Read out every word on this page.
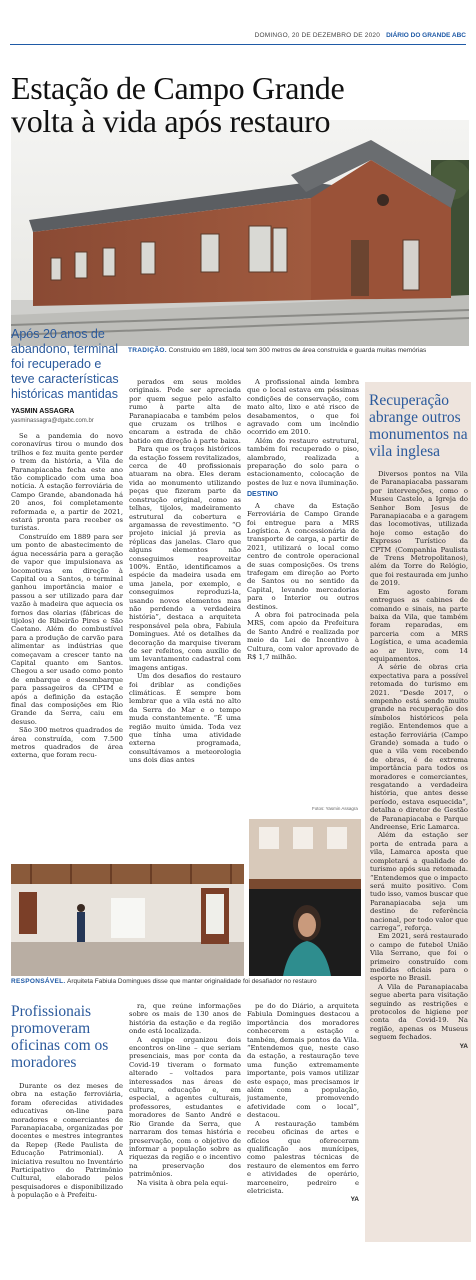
DOMINGO, 20 DE DEZEMBRO DE 2020 DIÁRIO DO GRANDE ABC
Estação de Campo Grande volta à vida após restauro
Após 20 anos de abandono, terminal foi recuperado e teve características históricas mantidas
TRADIÇÃO. Construído em 1889, local tem 300 metros de área construída e guarda muitas memórias
YASMIN ASSAGRA
yasminassagra@dgabc.com.br

Se a pandemia do novo coronavírus tirou o mundo dos trilhos e fez muita gente perder o trem da história, a Vila de Paranapiacaba fecha este ano tão complicado com uma boa notícia. A estação ferroviária de Campo Grande, abandonada há 20 anos, foi completamente reformada e, a partir de 2021, estará pronta para receber os turistas.

Construído em 1889 para ser um ponto de abastecimento de água necessária para a geração de vapor que impulsionava as locomotivas em direção à Capital ou a Santos, o terminal ganhou importância maior e passou a ser utilizado para dar vazão à madeira que aquecia os fornos das olarias (fábricas de tijolos) de Ribeirão Pires e São Caetano. Além do combustível para a produção de carvão para alimentar as indústrias que começavam a crescer tanto na Capital quanto em Santos. Chegou a ser usado como ponto de embarque e desembarque para passageiros da CPTM e após a definição da estação final das composições em Rio Grande da Serra, caiu em desuso.

São 300 metros quadrados de área construída, com 7.500 metros quadrados de área externa, que foram recu-

perados em seus moldes originais. Pode ser apreciada por quem segue pelo asfalto rumo à parte alta de Paranapiacaba e também pelos que cruzam os trilhos e encaram a estrada de chão batido em direção à parte baixa.

Para que os traços históricos da estação fossem revitalizados, cerca de 40 profissionais atuaram na obra. Eles deram vida ao monumento utilizando peças que fizeram parte da construção original, como as telhas, tijolos, madeiramento estrutural da cobertura e argamassa de revestimento. “O projeto inicial já previa as réplicas das janelas. Claro que alguns elementos não conseguimos reaproveitar 100%. Então, identificamos a espécie da madeira usada em uma janela, por exemplo, e conseguimos reproduzi-la, usando novos elementos mas não perdendo a verdadeira história”, destaca a arquiteta responsável pela obra, Fabiula Domingues. Até os detalhes da decoração da marquise tiveram de ser refeitos, com auxílio de um levantamento cadastral com imagens antigas.

Um dos desafios do restauro foi driblar as condições climáticas. É sempre bom lembrar que a vila está no alto da Serra do Mar e o tempo muda constantemente. “É uma região muito úmida. Toda vez que tínha uma atividade externa programada, consultávamos a meteorologia uns dois dias antes

A profissional ainda lembra que o local estava em péssimas condições de conservação, com mato alto, lixo e até risco de desabamentos, o que foi agravado com um incêndio ocorrido em 2010.

Além do restauro estrutural, também foi recuperado o piso, alambrado, realizada a preparação do solo para o estacionamento, colocação de postes de luz e nova iluminação.

DESTINO

A chave da Estação Ferroviária de Campo Grande foi entregue para a MRS Logística. A concessionária de transporte de carga, a partir de 2021, utilizará o local como centro de controle operacional de suas composições. Os trens trafegam em direção ao Porto de Santos ou no sentido da Capital, levando mercadorias para o Interior ou outros destinos.

A obra foi patrocinada pela MRS, com apoio da Prefeitura de Santo André e realizada por meio da Lei de Incentivo à Cultura, com valor aprovado de R$ 1,7 milhão.

Recuperação abrange outros monumentos na vila inglesa

Diversos pontos na Vila de Paranapiacaba passaram por intervenções, como o Museu Castelo, a Igreja do Senhor Bom Jesus de Paranapiacaba e a garagem das locomotivas, utilizada hoje como estação do Expresso Turístico da CPTM (Companhia Paulista de Trens Metropolitanos), além da Torre do Relógio, que foi restaurada em junho de 2019.

Em agosto foram entregues as cabines de comando e sinais, na parte baixa da Vila, que também foram reparadas, em parceria com a MRS Logística, e uma academia ao ar livre, com 14 equipamentos.

A série de obras cria expectativa para a possível retomada do turismo em 2021. “Desde 2017, o empenho está sendo muito grande na recuperação dos símbolos históricos pela região. Entendemos que a estação ferroviária (Campo Grande) somada a tudo o que a vila vem recebendo de obras, é de extrema importância para todos os moradores e comerciantes, resgatando a verdadeira história, que antes desse período, estava esquecida”, detalha o diretor de Gestão de Paranapiacaba e Parque Andreense, Eric Lamarca.

Além da estação ser porta de entrada para a vila, Lamarca aposta que completará a qualidade do turismo após sua retomada. “Entendemos que o impacto será muito positivo. Com tudo isso, vamos buscar que Paranapiacaba seja um destino de referência nacional, por todo valor que carrega”, reforça.

Em 2021, será restaurado o campo de futebol União Vila Serrano, que foi o primeiro construído com medidas oficiais para o esporte no Brasil.

A Vila de Paranapiacaba segue aberta para visitação seguindo as restrições e protocolos de higiene por conta da Covid-19. Na região, apenas os Museus seguem fechados.

YA

Fotos: Yasmin Assagra
RESPONSÁVEL. Arquiteta Fabiula Domingues disse que manter originalidade foi desafiador no restauro
Profissionais promoveram oficinas com os moradores

Durante os dez meses de obra na estação ferroviária, foram oferecidas atividades educativas on-line para moradores e comerciantes de Paranapiacaba, organizadas por docentes e mestres integrantes da Repep (Rede Paulista de Educação Patrimonial). A iniciativa resultou no Inventário Participativo do Patrimônio Cultural, elaborado pelos pesquisadores e disponibilizado à população e à Prefeitu-

ra, que reúne informações sobre os mais de 130 anos de história da estação e da região onde está localizada.

A equipe organizou dois encontros on-line – que seriam presenciais, mas por conta da Covid-19 tiveram o formato alterado – voltados para interessados nas áreas de cultura, educação e, em especial, a agentes culturais, professores, estudantes e moradores de Santo André e Rio Grande da Serra, que narraram dos temas história e preservação, com o objetivo de informar a população sobre as riquezas da região e o incentivo na preservação dos patrimônios.

Na visita à obra pela equi-

pe do do Diário, a arquiteta Fabiula Domingues destacou a importância dos moradores conhecerem a estação e também, demais pontos da Vila. “Entendemos que, neste caso da estação, a restauração teve uma função extremamente importante, pois vamos utilizar este espaço, mas precisamos ir além com a população, justamente, promovendo afetividade com o local”, destacou.

A restauração também recebeu oficinas de artes e ofícios que ofereceram qualificação aos munícipes, como palestras técnicas de restauro de elementos em ferro e atividades de operário, marceneiro, pedreiro e eletricista.

YA
